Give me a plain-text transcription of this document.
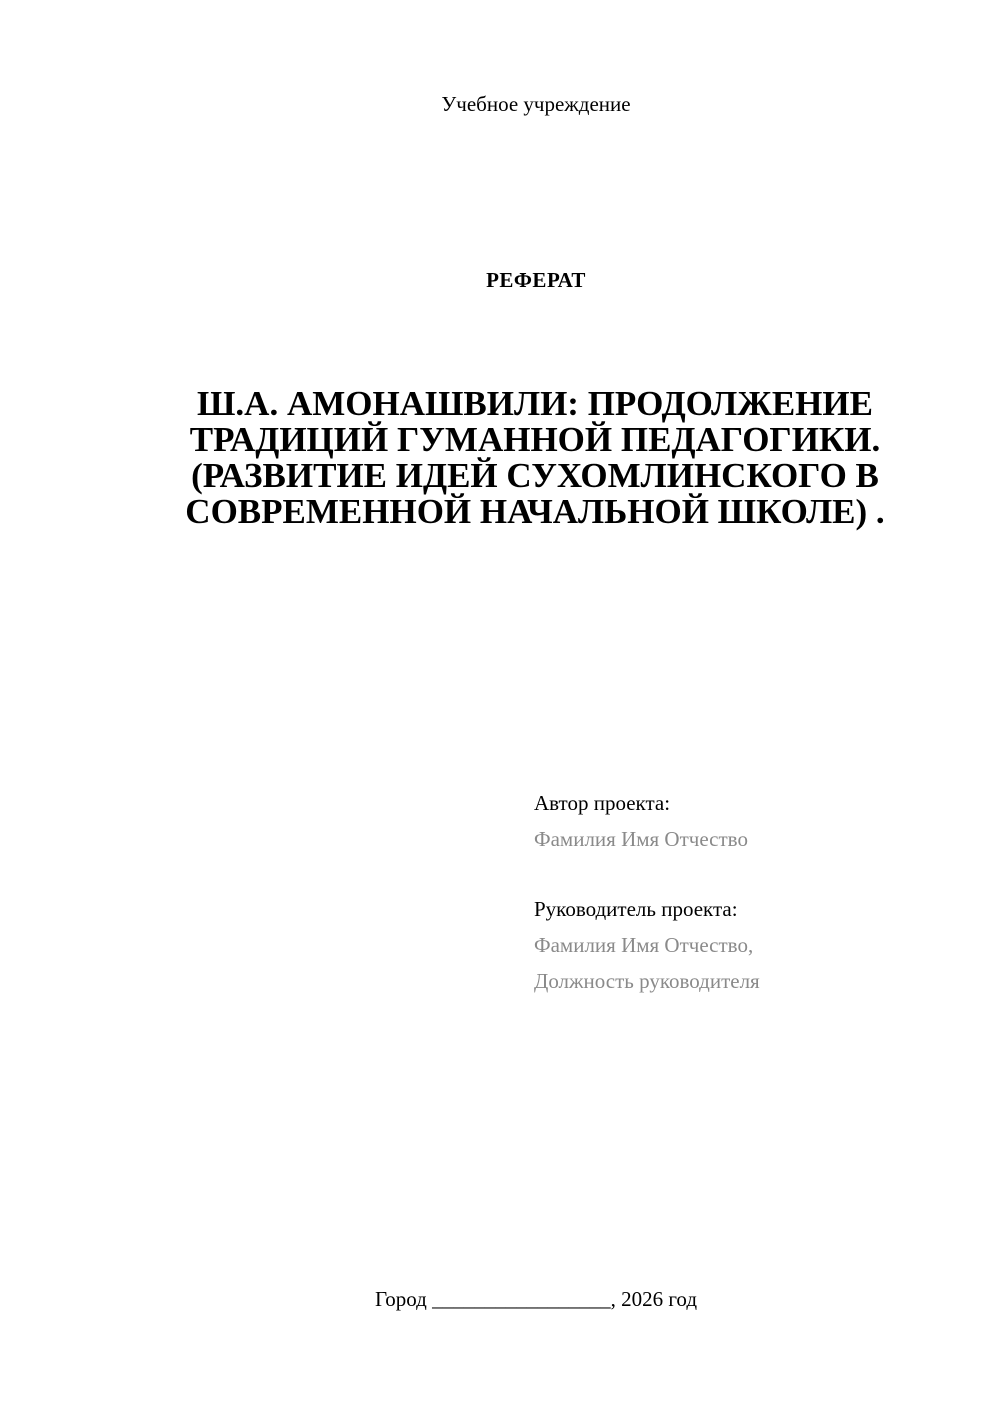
Учебное учреждение
РЕФЕРАТ
Ш.А. АМОНАШВИЛИ: ПРОДОЛЖЕНИЕ ТРАДИЦИЙ ГУМАННОЙ ПЕДАГОГИКИ. (РАЗВИТИЕ ИДЕЙ СУХОМЛИНСКОГО В СОВРЕМЕННОЙ НАЧАЛЬНОЙ ШКОЛЕ) .
Автор проекта:
Фамилия Имя Отчество
Руководитель проекта:
Фамилия Имя Отчество,
Должность руководителя
Город _________________, 2026 год
